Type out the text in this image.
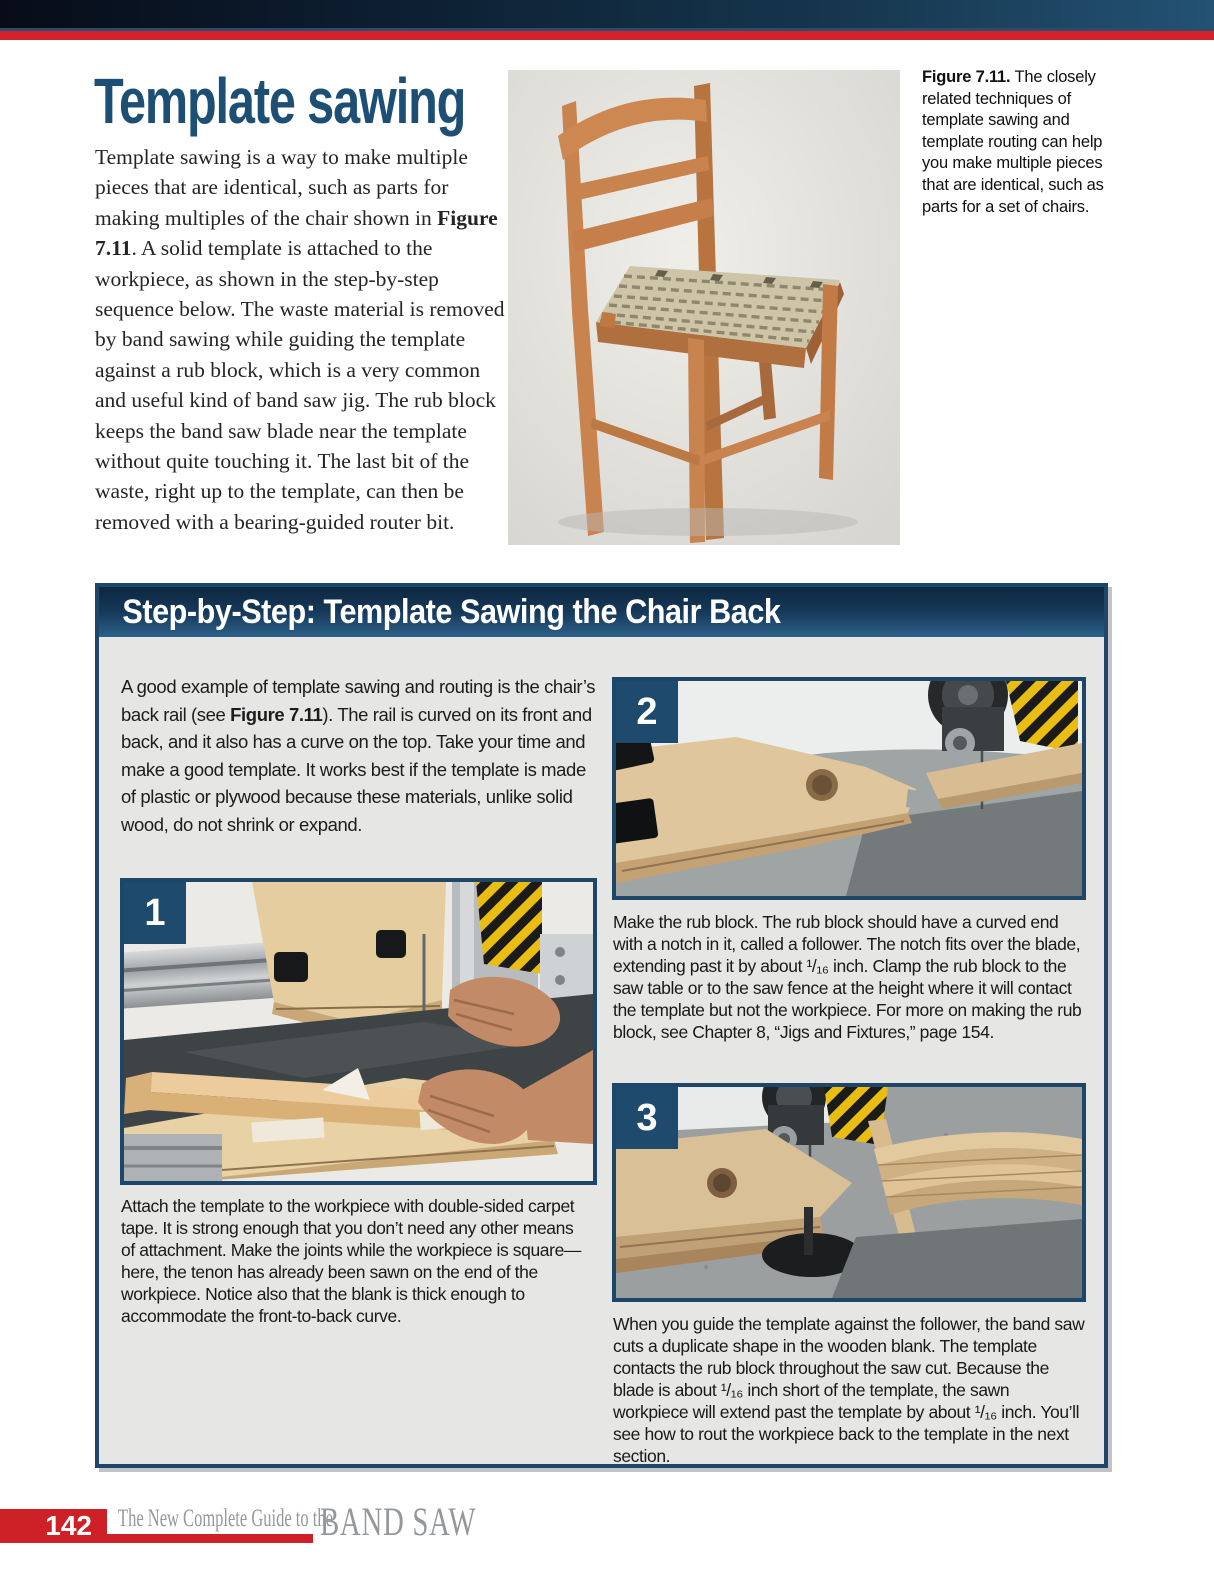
Template sawing

Template sawing is a way to make multiple pieces that are identical, such as parts for making multiples of the chair shown in Figure 7.11. A solid template is attached to the workpiece, as shown in the step-by-step sequence below. The waste material is removed by band sawing while guiding the template against a rub block, which is a very common and useful kind of band saw jig. The rub block keeps the band saw blade near the template without quite touching it. The last bit of the waste, right up to the template, can then be removed with a bearing-guided router bit.

Figure 7.11. The closely related techniques of template sawing and template routing can help you make multiple pieces that are identical, such as parts for a set of chairs.
Step-by-Step: Template Sawing the Chair Back

A good example of template sawing and routing is the chair’s back rail (see Figure 7.11). The rail is curved on its front and back, and it also has a curve on the top. Take your time and make a good template. It works best if the template is made of plastic or plywood because these materials, unlike solid wood, do not shrink or expand.

1

Attach the template to the workpiece with double-sided carpet tape. It is strong enough that you don’t need any other means of attachment. Make the joints while the workpiece is square—here, the tenon has already been sawn on the end of the workpiece. Notice also that the blank is thick enough to accommodate the front-to-back curve.

2

Make the rub block. The rub block should have a curved end with a notch in it, called a follower. The notch fits over the blade, extending past it by about ¹/₁₆ inch. Clamp the rub block to the saw table or to the saw fence at the height where it will contact the template but not the workpiece. For more on making the rub block, see Chapter 8, “Jigs and Fixtures,” page 154.

3

When you guide the template against the follower, the band saw cuts a duplicate shape in the wooden blank. The template contacts the rub block throughout the saw cut. Because the blade is about ¹/₁₆ inch short of the template, the sawn workpiece will extend past the template by about ¹/₁₆ inch. You’ll see how to rout the workpiece back to the template in the next section.

142 The New Complete Guide to the
BAND SAW
